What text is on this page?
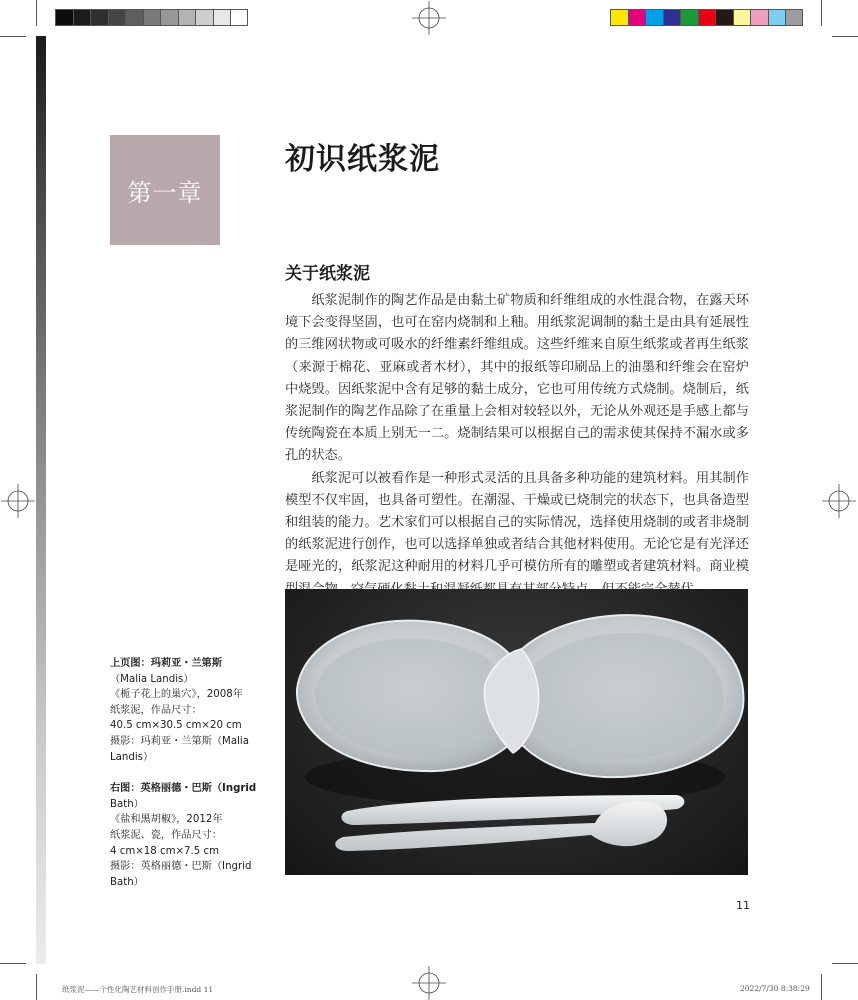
第一章
初识纸浆泥
关于纸浆泥

纸浆泥制作的陶艺作品是由黏土矿物质和纤维组成的水性混合物，在露天环境下会变得坚固，也可在窑内烧制和上釉。用纸浆泥调制的黏土是由具有延展性的三维网状物或可吸水的纤维素纤维组成。这些纤维来自原生纸浆或者再生纸浆（来源于棉花、亚麻或者木材），其中的报纸等印刷品上的油墨和纤维会在窑炉中烧毁。因纸浆泥中含有足够的黏土成分，它也可用传统方式烧制。烧制后，纸浆泥制作的陶艺作品除了在重量上会相对较轻以外，无论从外观还是手感上都与传统陶瓷在本质上别无一二。烧制结果可以根据自己的需求使其保持不漏水或多孔的状态。

纸浆泥可以被看作是一种形式灵活的且具备多种功能的建筑材料。用其制作模型不仅牢固，也具备可塑性。在潮湿、干燥或已烧制完的状态下，也具备造型和组装的能力。艺术家们可以根据自己的实际情况，选择使用烧制的或者非烧制的纸浆泥进行创作，也可以选择单独或者结合其他材料使用。无论它是有光泽还是哑光的，纸浆泥这种耐用的材料几乎可模仿所有的雕塑或者建筑材料。商业模

上页图：玛莉亚・兰第斯
（Malia Landis）
《栀子花上的巢穴》，2008年
纸浆泥，作品尺寸：
40.5 cm×30.5 cm×20 cm
摄影：玛莉亚・兰第斯（Malia
Landis）
右图：英格丽德・巴斯（Ingrid
Bath）
《盐和黑胡椒》，2012年
纸浆泥、瓷，作品尺寸：
4 cm×18 cm×7.5 cm
摄影：英格丽德・巴斯（Ingrid
Bath）
11
纸浆泥——个性化陶艺材料创作手册.indd 11	2022/7/30 8:38:29
